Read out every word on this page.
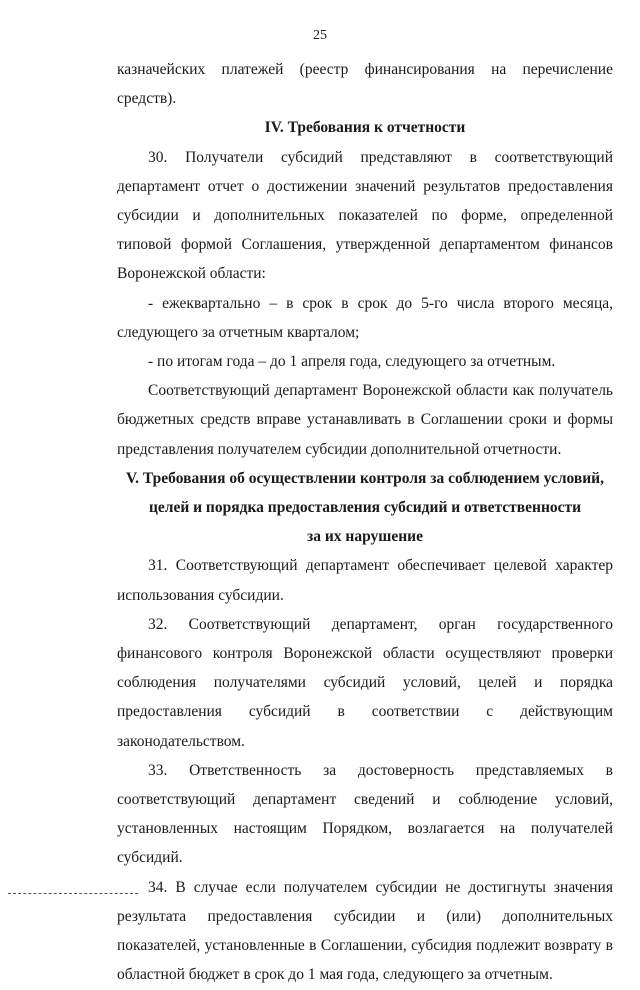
25

казначейских платежей (реестр финансирования на перечисление средств).

IV. Требования к отчетности

30. Получатели субсидий представляют в соответствующий департамент отчет о достижении значений результатов предоставления субсидии и дополнительных показателей по форме, определенной типовой формой Соглашения, утвержденной департаментом финансов Воронежской области:

- ежеквартально – в срок в срок до 5-го числа второго месяца, следующего за отчетным кварталом;

- по итогам года – до 1 апреля года, следующего за отчетным.

Соответствующий департамент Воронежской области как получатель бюджетных средств вправе устанавливать в Соглашении сроки и формы представления получателем субсидии дополнительной отчетности.

V. Требования об осуществлении контроля за соблюдением условий,

целей и порядка предоставления субсидий и ответственности

за их нарушение

31. Соответствующий департамент обеспечивает целевой характер использования субсидии.

32. Соответствующий департамент, орган государственного финансового контроля Воронежской области осуществляют проверки соблюдения получателями субсидий условий, целей и порядка предоставления субсидий в соответствии с действующим законодательством.

33. Ответственность за достоверность представляемых в соответствующий департамент сведений и соблюдение условий, установленных настоящим Порядком, возлагается на получателей субсидий.

34. В случае если получателем субсидии не достигнуты значения результата предоставления субсидии и (или) дополнительных показателей, установленные в Соглашении, субсидия подлежит возврату в областной бюджет в срок до 1 мая года, следующего за отчетным.
